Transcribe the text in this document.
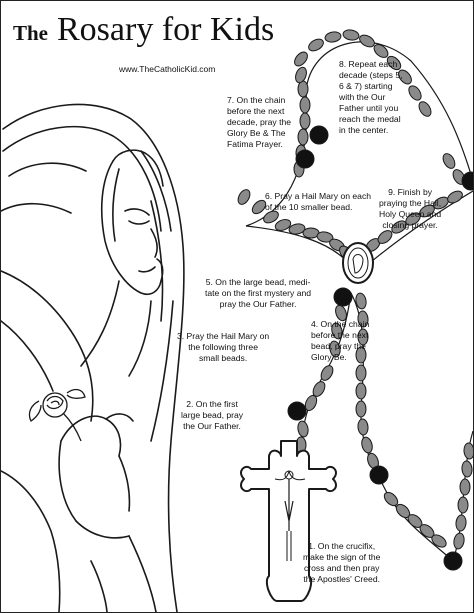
The Rosary for Kids
www.TheCatholicKid.com

1. On the crucifix,
make the sign of the
cross and then pray
the Apostles' Creed.

2. On the first
large bead, pray
the Our Father.

3. Pray the Hail Mary on
the following three
small beads.

4. On the chain
before the next
bead, pray the
Glory Be.

5. On the large bead, medi-
tate on the first mystery and
pray the Our Father.

6. Pray a Hail Mary on each
of the 10 smaller bead.

7. On the chain
before the next
decade, pray the
Glory Be & The
Fatima Prayer.

8. Repeat each
decade (steps 5,
6 & 7) starting
with the Our
Father until you
reach the medal
in the center.

9. Finish by
praying the Hail,
Holy Queen and
closing prayer.
